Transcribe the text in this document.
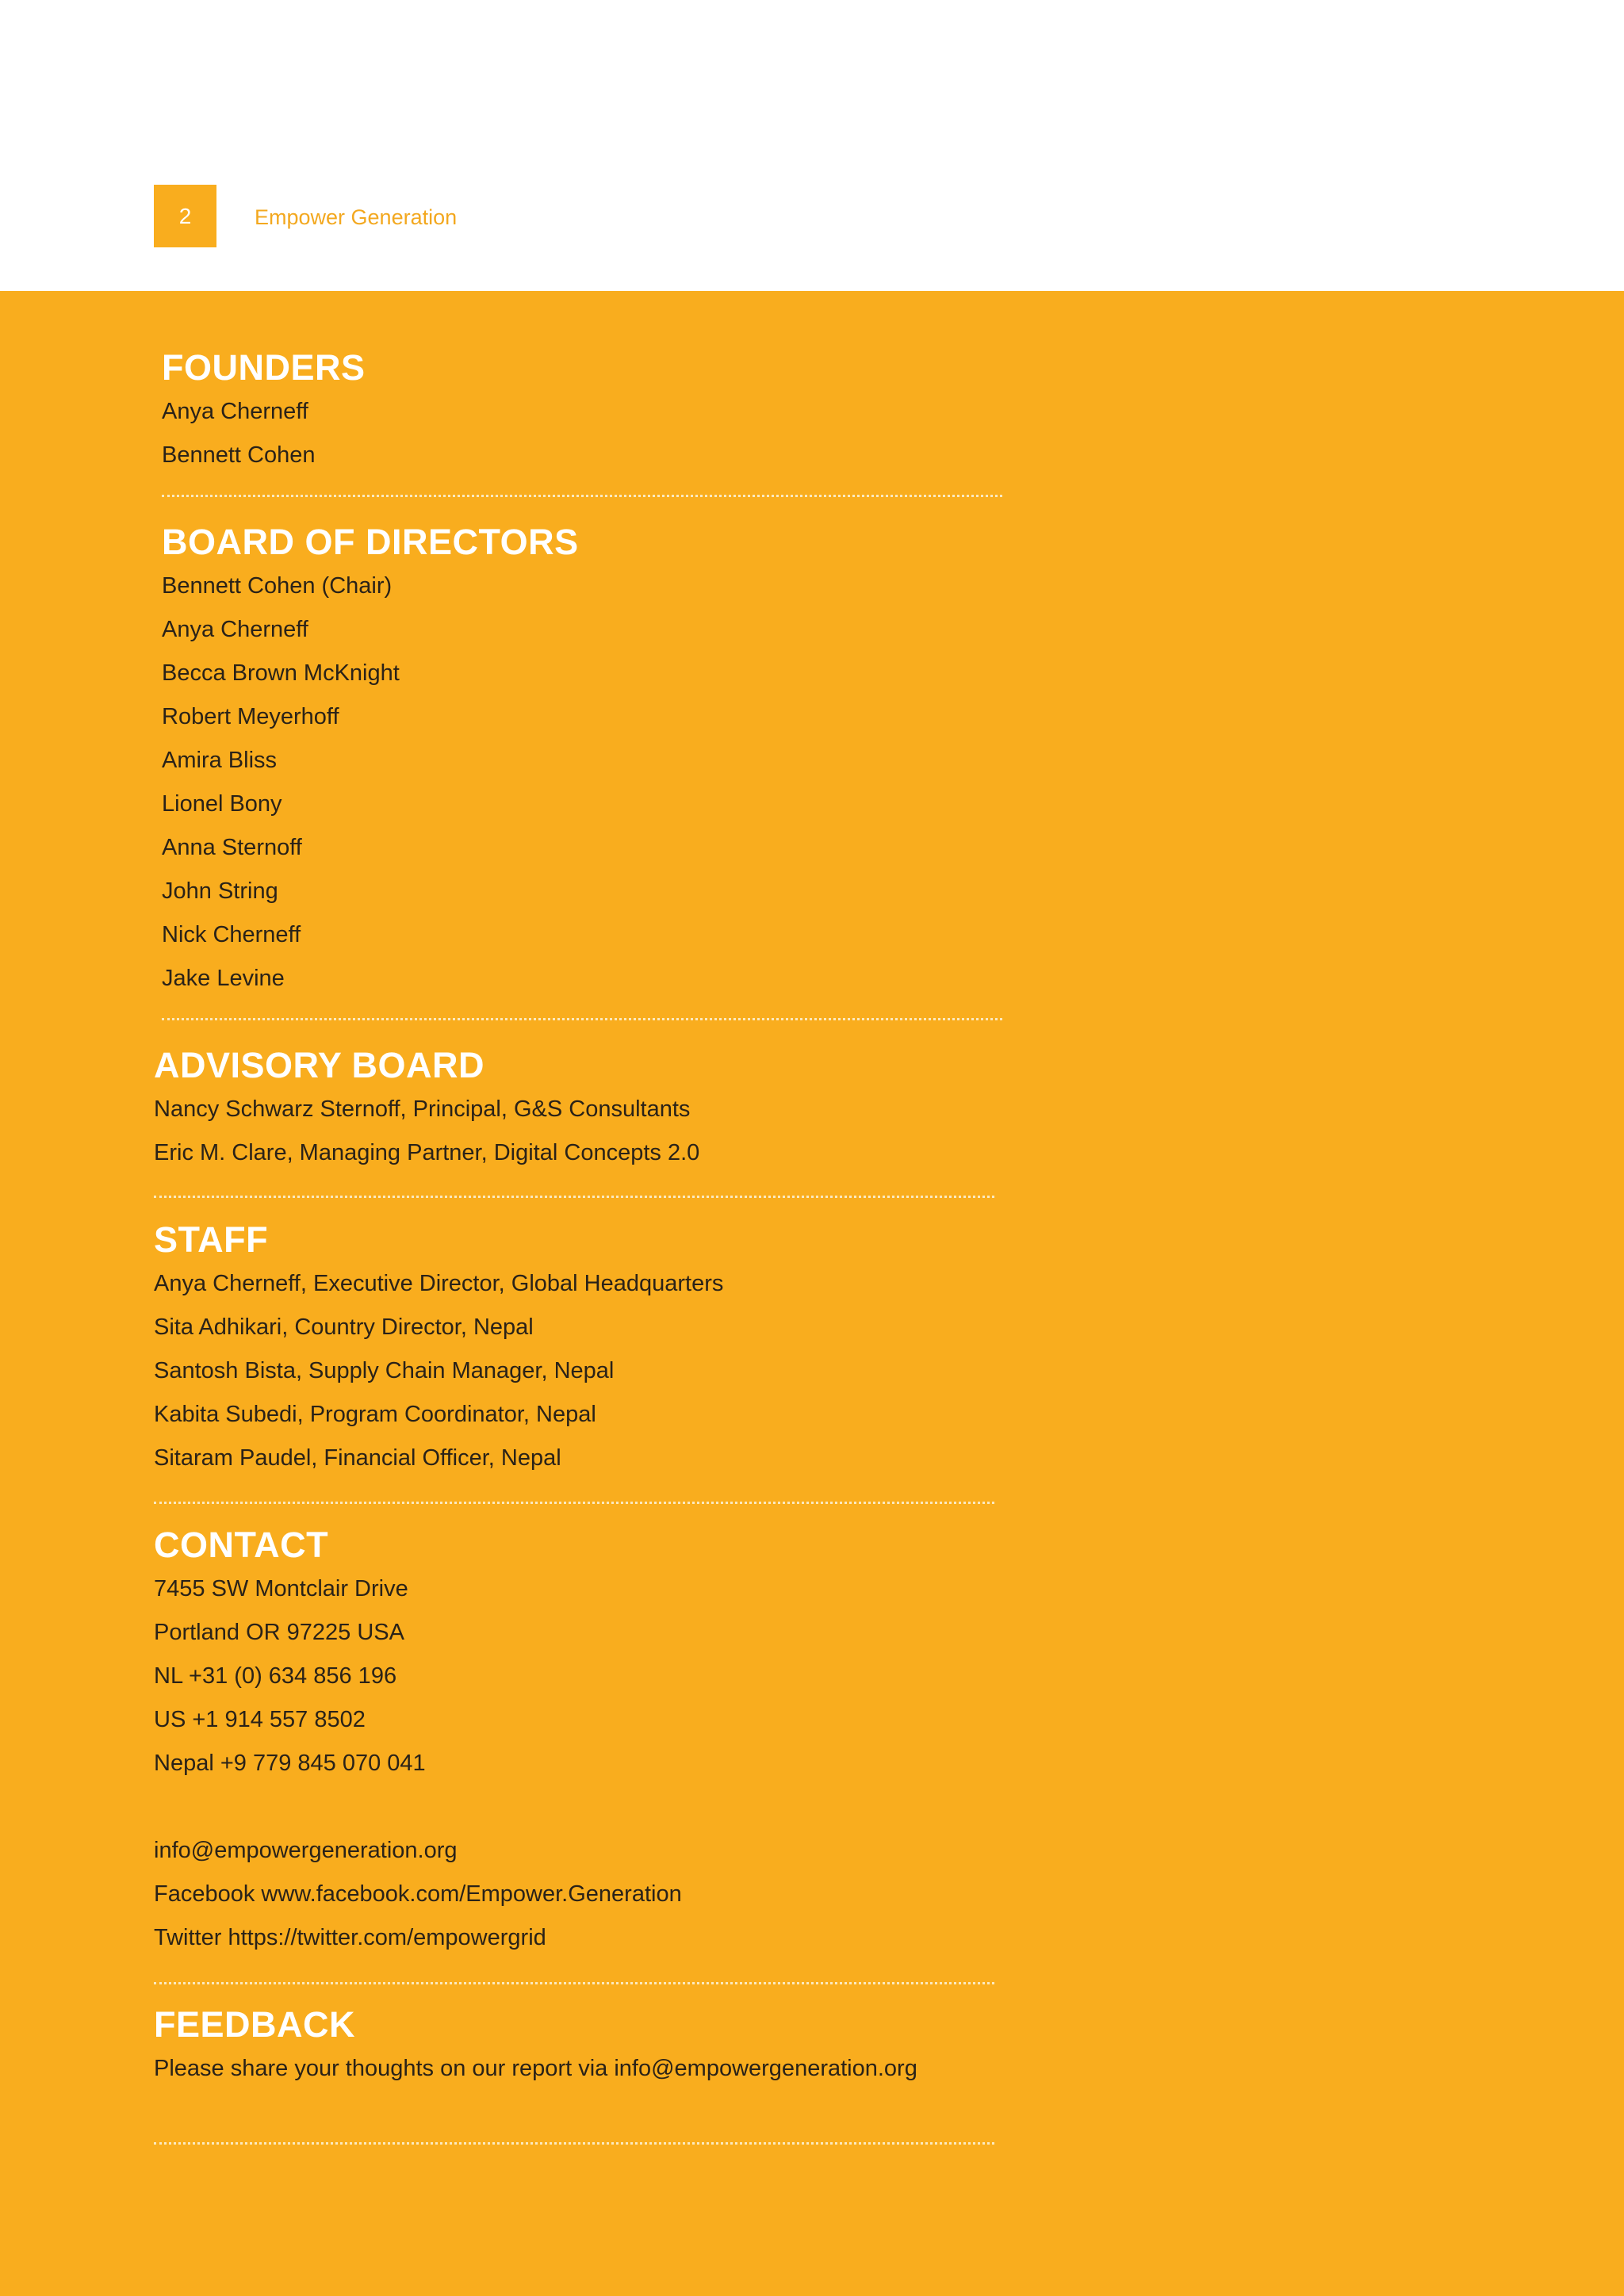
2	Empower Generation
FOUNDERS
Anya Cherneff
Bennett Cohen
BOARD OF DIRECTORS
Bennett Cohen (Chair)
Anya Cherneff
Becca Brown McKnight
Robert Meyerhoff
Amira Bliss
Lionel Bony
Anna Sternoff
John String
Nick Cherneff
Jake Levine
ADVISORY BOARD
Nancy Schwarz Sternoff, Principal, G&S Consultants
Eric M. Clare, Managing Partner, Digital Concepts 2.0
STAFF
Anya Cherneff, Executive Director, Global Headquarters
Sita Adhikari, Country Director, Nepal
Santosh Bista, Supply Chain Manager, Nepal
Kabita Subedi, Program Coordinator, Nepal
Sitaram Paudel, Financial Officer, Nepal
CONTACT
7455 SW Montclair Drive
Portland OR 97225 USA
NL +31 (0) 634 856 196
US +1 914 557 8502
Nepal +9 779 845 070 041
info@empowergeneration.org
Facebook www.facebook.com/Empower.Generation
Twitter https://twitter.com/empowergrid
FEEDBACK
Please share your thoughts on our report via info@empowergeneration.org
